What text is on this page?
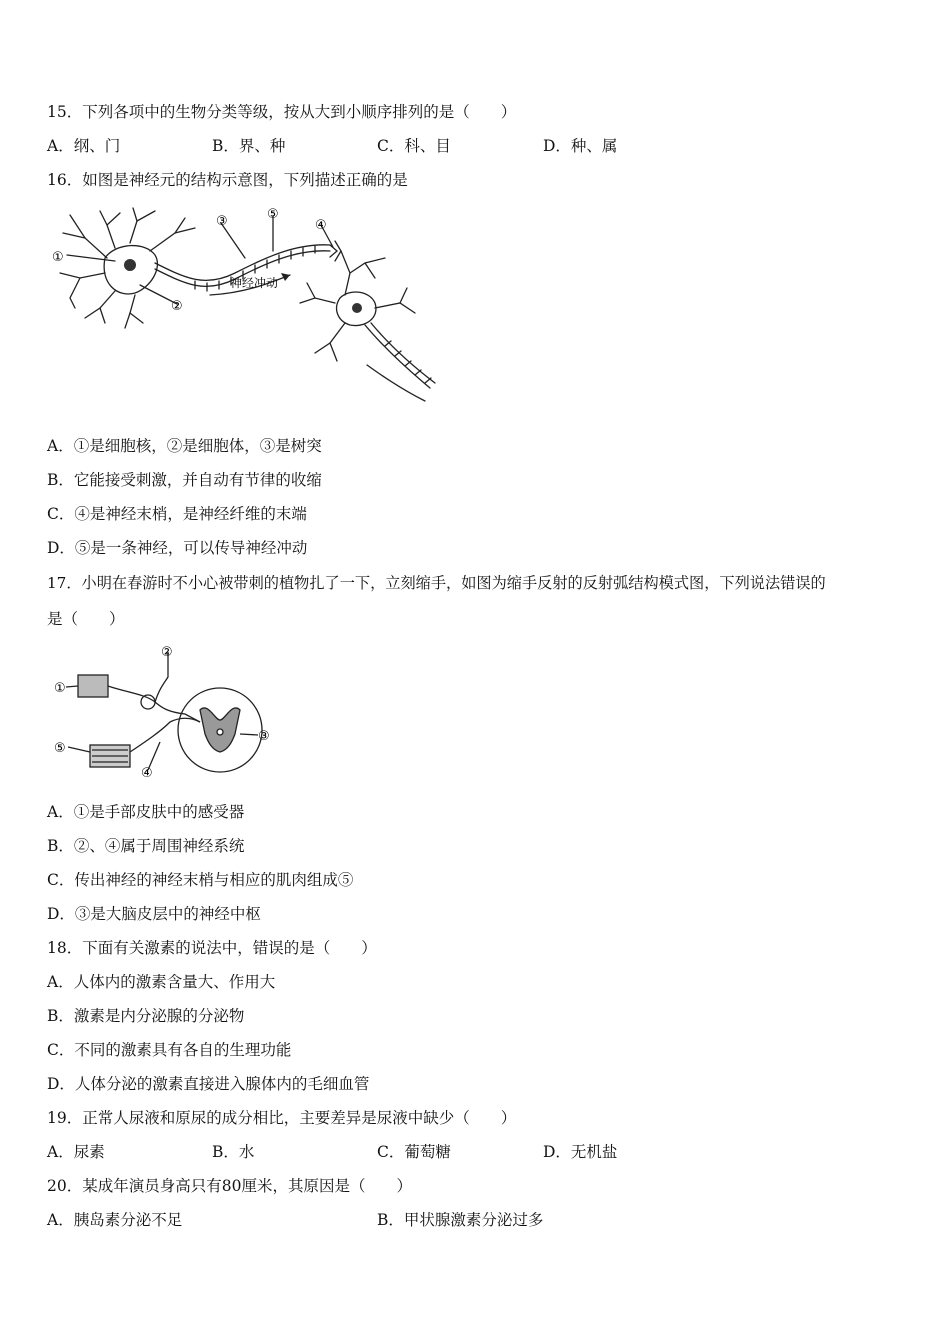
15．下列各项中的生物分类等级，按从大到小顺序排列的是（　　）
A．纲、门	B．界、种	C．科、目	D．种、属
16．如图是神经元的结构示意图，下列描述正确的是
①
②
③	④
⑤
神经冲动
A．①是细胞核，②是细胞体，③是树突
B．它能接受刺激，并自动有节律的收缩
C．④是神经末梢，是神经纤维的末端
D．⑤是一条神经，可以传导神经冲动
17．小明在春游时不小心被带刺的植物扎了一下，立刻缩手，如图为缩手反射的反射弧结构模式图，下列说法错误的
是（　　）
①
②
③
④
⑤
A．①是手部皮肤中的感受器
B．②、④属于周围神经系统
C．传出神经的神经末梢与相应的肌肉组成⑤
D．③是大脑皮层中的神经中枢
18．下面有关激素的说法中，错误的是（　　）
A．人体内的激素含量大、作用大
B．激素是内分泌腺的分泌物
C．不同的激素具有各自的生理功能
D．人体分泌的激素直接进入腺体内的毛细血管
19．正常人尿液和原尿的成分相比，主要差异是尿液中缺少（　　）
A．尿素	B．水	C．葡萄糖	D．无机盐
20．某成年演员身高只有80厘米，其原因是（　　）
A．胰岛素分泌不足	B．甲状腺激素分泌过多
